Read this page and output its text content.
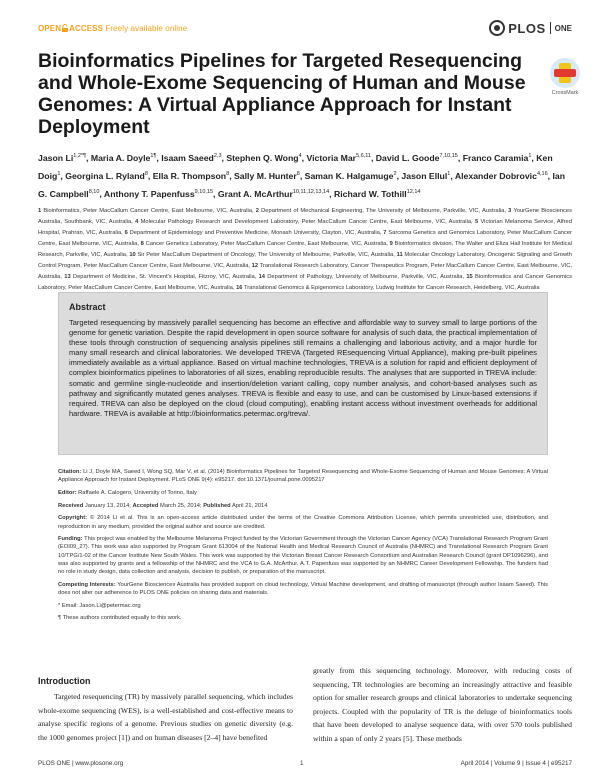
OPEN ACCESS Freely available online	PLOS ONE
Bioinformatics Pipelines for Targeted Resequencing and Whole-Exome Sequencing of Human and Mouse Genomes: A Virtual Appliance Approach for Instant Deployment
CrossMark
Jason $Li^{1,2*\P}$, Maria A. Doyle$^{1\P}$, Isaam Saeed$^{2,3}$, Stephen Q. Wong$^4$, Victoria Mar$^{5,6,11}$, David L. Goode$^{7,10,15}$, Franco Caramia$^1$, Ken Doig$^1$, Georgina L. Ryland$^8$, Ella R. Thompson$^8$, Sally M. Hunter$^8$, Saman K. Halgamuge$^2$, Jason Ellul$^1$, Alexander Dobrovic$^{4,16}$, Ian G. Campbell$^{8,10}$, Anthony T. Papenfuss$^{9,10,15}$, Grant A. McArthur$^{10,11,12,13,14}$, Richard W. Tothill$^{12,14}$
1 Bioinformatics, Peter MacCallum Cancer Centre, East Melbourne, VIC, Australia, 2 Department of Mechanical Engineering, The University of Melbourne, Parkville, VIC, Australia, 3 YourGene Biosciences Australia, Southbank, VIC, Australia, 4 Molecular Pathology Research and Development Laboratory, Peter MacCallum Cancer Centre, East Melbourne, VIC, Australia, 5 Victorian Melanoma Service, Alfred Hospital, Prahran, VIC, Australia, 6 Department of Epidemiology and Preventive Medicine, Monash University, Clayton, VIC, Australia, 7 Sarcoma Genetics and Genomics Laboratory, Peter MacCallum Cancer Centre, East Melbourne, VIC, Australia, 8 Cancer Genetics Laboratory, Peter MacCallum Cancer Centre, East Melbourne, VIC, Australia, 9 Bioinformatics division, The Walter and Eliza Hall Institute for Medical Research, Parkville, VIC, Australia, 10 Sir Peter MacCallum Department of Oncology, The University of Melbourne, Parkville, VIC, Australia, 11 Molecular Oncology Laboratory, Oncogenic Signaling and Growth Control Program, Peter MacCallum Cancer Centre, East Melbourne, VIC, Australia, 12 Translational Research Laboratory, Cancer Therapeutics Program, Peter MacCallum Cancer Centre, East Melbourne, VIC, Australia, 13 Department of Medicine, St. Vincent's Hospital, Fitzroy, VIC, Australia, 14 Department of Pathology, University of Melbourne, Parkville, VIC, Australia, 15 Bioinformatics and Cancer Genomics Laboratory, Peter MacCallum Cancer Centre, East Melbourne, VIC, Australia, 16 Translational Genomics & Epigenomics Laboratory, Ludwig Institute for Cancer Research, Heidelberg, VIC, Australia
Abstract
Targeted resequencing by massively parallel sequencing has become an effective and affordable way to survey small to large portions of the genome for genetic variation. Despite the rapid development in open source software for analysis of such data, the practical implementation of these tools through construction of sequencing analysis pipelines still remains a challenging and laborious activity, and a major hurdle for many small research and clinical laboratories. We developed TREVA (Targeted REsequencing Virtual Appliance), making pre-built pipelines immediately available as a virtual appliance. Based on virtual machine technologies, TREVA is a solution for rapid and efficient deployment of complex bioinformatics pipelines to laboratories of all sizes, enabling reproducible results. The analyses that are supported in TREVA include: somatic and germline single-nucleotide and insertion/deletion variant calling, copy number analysis, and cohort-based analyses such as pathway and significantly mutated genes analyses. TREVA is flexible and easy to use, and can be customised by Linux-based extensions if required. TREVA can also be deployed on the cloud (cloud computing), enabling instant access without investment overheads for additional hardware. TREVA is available at http://bioinformatics.petermac.org/treva/.
Citation: Li J, Doyle MA, Saeed I, Wong SQ, Mar V, et al. (2014) Bioinformatics Pipelines for Targeted Resequencing and Whole-Exome Sequencing of Human and Mouse Genomes: A Virtual Appliance Approach for Instant Deployment. PLoS ONE 9(4): e95217. doi:10.1371/journal.pone.0095217
Editor: Raffaele A. Calogero, University of Torino, Italy
Received January 13, 2014; Accepted March 25, 2014; Published April 21, 2014
Copyright: © 2014 Li et al. This is an open-access article distributed under the terms of the Creative Commons Attribution License, which permits unrestricted use, distribution, and reproduction in any medium, provided the original author and source are credited.
Funding: This project was enabled by the Melbourne Melanoma Project funded by the Victorian Government through the Victorian Cancer Agency (VCA) Translational Research Program Grant (EOI09_27). This work was also supported by Program Grant 613004 of the National Health and Medical Research Council of Australia (NHMRC) and Translational Research Program Grant 10/TPG/1-02 of the Cancer Institute New South Wales. This work was supported by the Victorian Breast Cancer Research Consortium and Australian Research Council (grant DP1096296), and was also supported by grants and a fellowship of the NHMRC and the VCA to G.A. McArthur. A.T. Papenfuss was supported by an NHMRC Career Development Fellowship. The funders had no role in study design, data collection and analysis, decision to publish, or preparation of the manuscript.
Competing Interests: YourGene Biosciences Australia has provided support on cloud technology, Virtual Machine development, and drafting of manuscript (through author Isaam Saeed). This does not alter our adherence to PLOS ONE policies on sharing data and materials.
* Email: Jason.Li@petermac.org
¶ These authors contributed equally to this work.
Introduction
Targeted resequencing (TR) by massively parallel sequencing, which includes whole-exome sequencing (WES), is a well-established and cost-effective means to analyse specific regions of a genome. Previous studies on genetic diversity (e.g. the 1000 genomes project [1]) and on human diseases [2–4] have benefited
greatly from this sequencing technology. Moreover, with reducing costs of sequencing, TR technologies are becoming an increasingly attractive and feasible option for smaller research groups and clinical laboratories to undertake sequencing projects. Coupled with the popularity of TR is the deluge of bioinformatics tools that have been developed to analyse sequence data, with over 570 tools published within a span of only 2 years [5]. These methods
PLOS ONE | www.plosone.org	1	April 2014 | Volume 9 | Issue 4 | e95217
